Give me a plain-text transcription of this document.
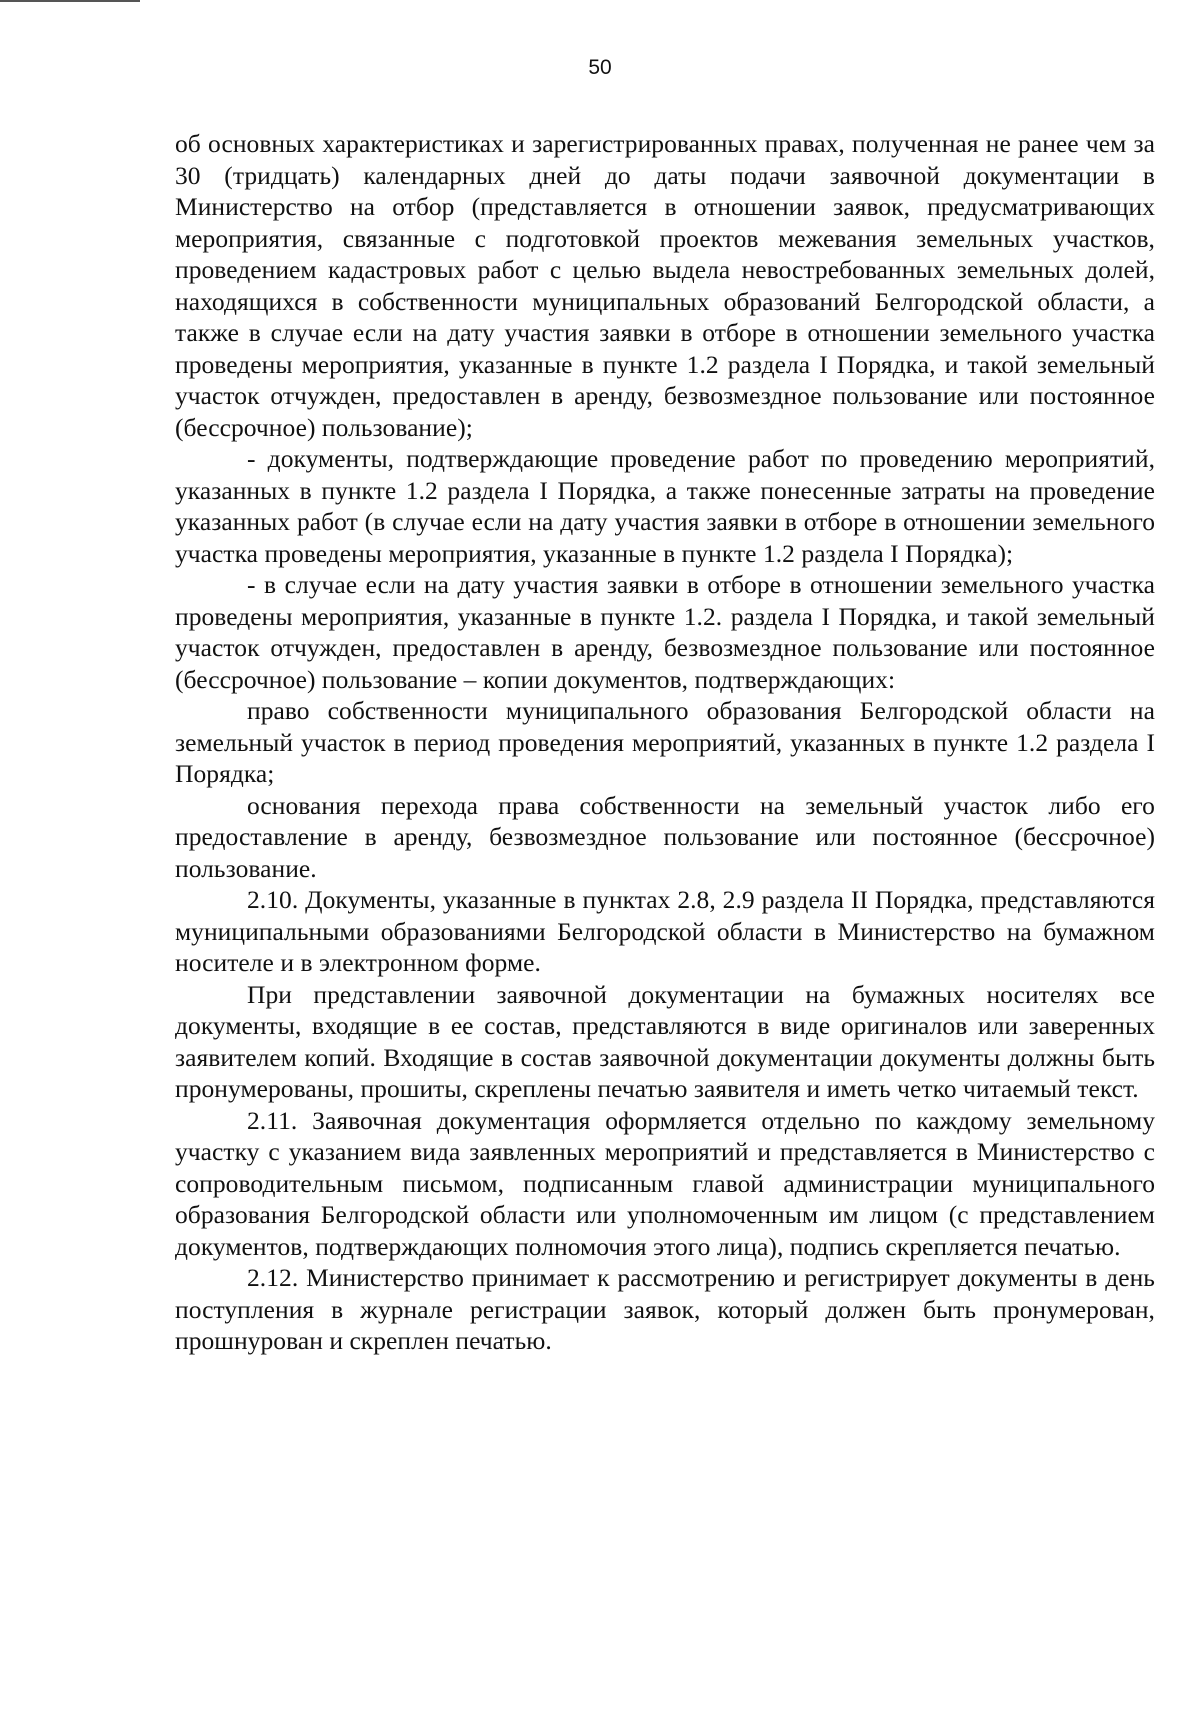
50

об основных характеристиках и зарегистрированных правах, полученная не ранее чем за 30 (тридцать) календарных дней до даты подачи заявочной документации в Министерство на отбор (представляется в отношении заявок, предусматривающих мероприятия, связанные с подготовкой проектов межевания земельных участков, проведением кадастровых работ с целью выдела невостребованных земельных долей, находящихся в собственности муниципальных образований Белгородской области, а также в случае если на дату участия заявки в отборе в отношении земельного участка проведены мероприятия, указанные в пункте 1.2 раздела I Порядка, и такой земельный участок отчужден, предоставлен в аренду, безвозмездное пользование или постоянное (бессрочное) пользование);

- документы, подтверждающие проведение работ по проведению мероприятий, указанных в пункте 1.2 раздела I Порядка, а также понесенные затраты на проведение указанных работ (в случае если на дату участия заявки в отборе в отношении земельного участка проведены мероприятия, указанные в пункте 1.2 раздела I Порядка);

- в случае если на дату участия заявки в отборе в отношении земельного участка проведены мероприятия, указанные в пункте 1.2. раздела I Порядка, и такой земельный участок отчужден, предоставлен в аренду, безвозмездное пользование или постоянное (бессрочное) пользование – копии документов, подтверждающих:

право собственности муниципального образования Белгородской области на земельный участок в период проведения мероприятий, указанных в пункте 1.2 раздела I Порядка;

основания перехода права собственности на земельный участок либо его предоставление в аренду, безвозмездное пользование или постоянное (бессрочное) пользование.

2.10. Документы, указанные в пунктах 2.8, 2.9 раздела II Порядка, представляются муниципальными образованиями Белгородской области в Министерство на бумажном носителе и в электронном форме.

При представлении заявочной документации на бумажных носителях все документы, входящие в ее состав, представляются в виде оригиналов или заверенных заявителем копий. Входящие в состав заявочной документации документы должны быть пронумерованы, прошиты, скреплены печатью заявителя и иметь четко читаемый текст.

2.11. Заявочная документация оформляется отдельно по каждому земельному участку с указанием вида заявленных мероприятий и представляется в Министерство с сопроводительным письмом, подписанным главой администрации муниципального образования Белгородской области или уполномоченным им лицом (с представлением документов, подтверждающих полномочия этого лица), подпись скрепляется печатью.

2.12. Министерство принимает к рассмотрению и регистрирует документы в день поступления в журнале регистрации заявок, который должен быть пронумерован, прошнурован и скреплен печатью.
